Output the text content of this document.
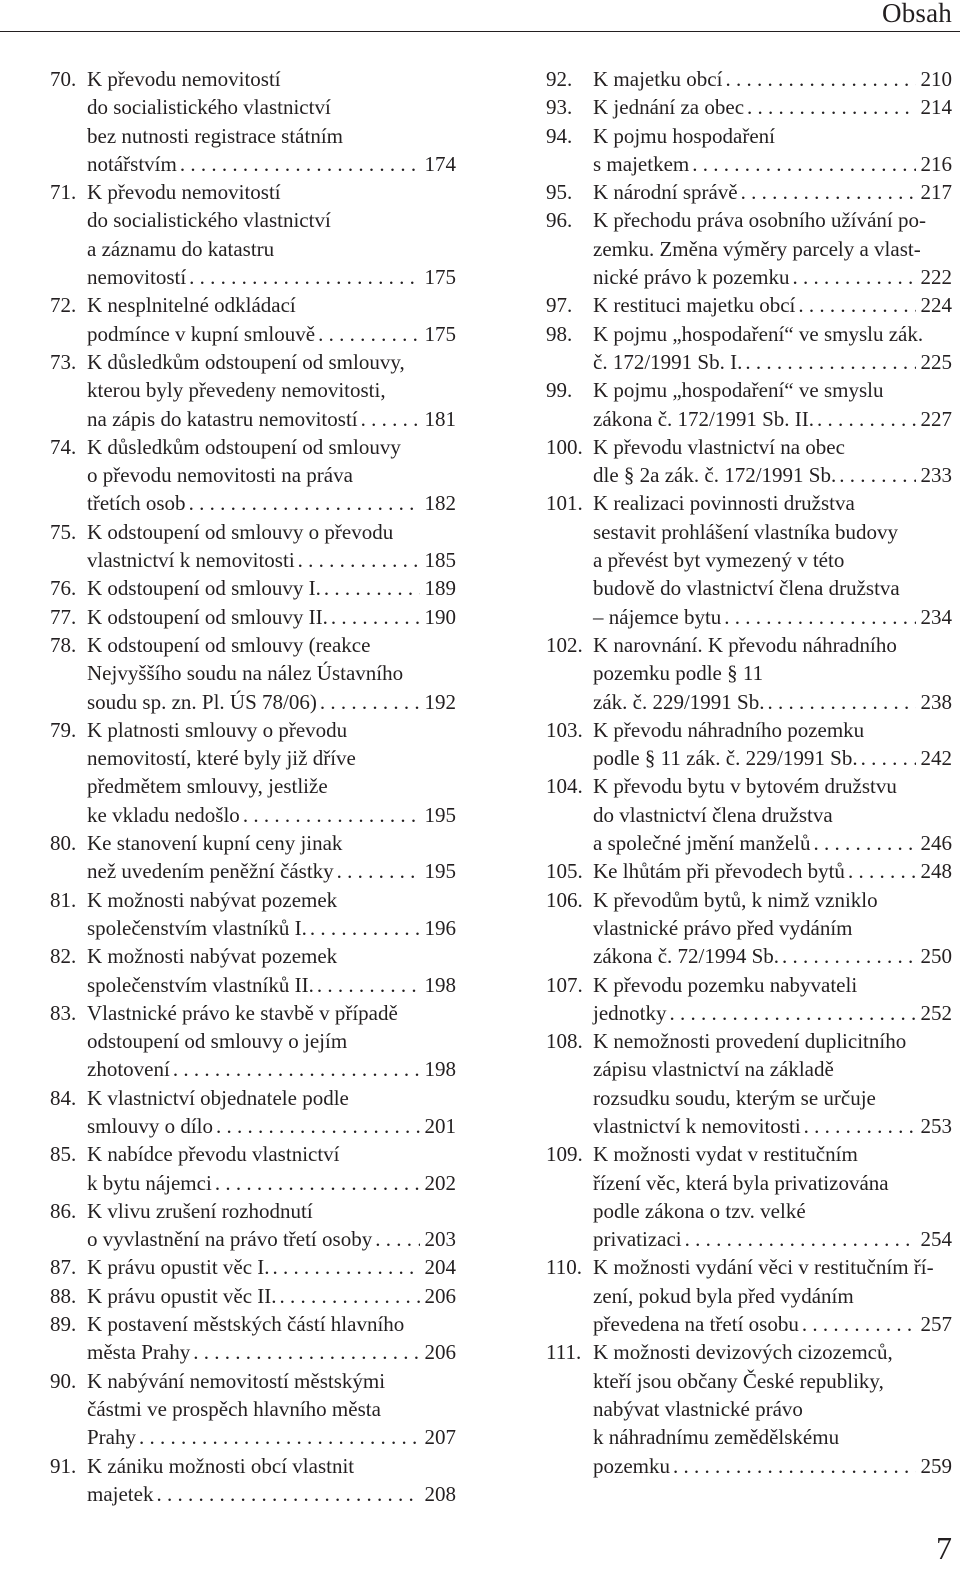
Obsah
70. K převodu nemovitostí
do socialistického vlastnictví
bez nutnosti registrace státním
notářstvím . . .	174
71. K převodu nemovitostí
do socialistického vlastnictví
a záznamu do katastru
nemovitostí . . .	175
72. K nesplnitelné odkládací
podmínce v kupní smlouvě . . .	175
73. K důsledkům odstoupení od smlouvy,
kterou byly převedeny nemovitosti,
na zápis do katastru nemovitostí . . .	181
74. K důsledkům odstoupení od smlouvy
o převodu nemovitosti na práva
třetích osob . . .	182
75. K odstoupení od smlouvy o převodu
vlastnictví k nemovitosti . . .	185
76. K odstoupení od smlouvy I. . . .	189
77. K odstoupení od smlouvy II. . . .	190
78. K odstoupení od smlouvy (reakce
Nejvyššího soudu na nález Ústavního
soudu sp. zn. Pl. ÚS 78/06) . . .	192
79. K platnosti smlouvy o převodu
nemovitostí, které byly již dříve
předmětem smlouvy, jestliže
ke vkladu nedošlo . . .	195
80. Ke stanovení kupní ceny jinak
než uvedením peněžní částky . . .	195
81. K možnosti nabývat pozemek
společenstvím vlastníků I. . . .	196
82. K možnosti nabývat pozemek
společenstvím vlastníků II. . . .	198
83. Vlastnické právo ke stavbě v případě
odstoupení od smlouvy o jejím
zhotovení . . .	198
84. K vlastnictví objednatele podle
smlouvy o dílo . . .	201
85. K nabídce převodu vlastnictví
k bytu nájemci . . .	202
86. K vlivu zrušení rozhodnutí
o vyvlastnění na právo třetí osoby . . . 203
87. K právu opustit věc I. . . .	204
88. K právu opustit věc II. . . .	206
89. K postavení městských částí hlavního
města Prahy . . .	206
90. K nabývání nemovitostí městskými
částmi ve prospěch hlavního města
Prahy . . .	207
91. K zániku možnosti obcí vlastnit
majetek . . .	208
92. K majetku obcí . . .	210
93. K jednání za obec . . .	214
94. K pojmu hospodaření
s majetkem . . .	216
95. K národní správě . . .	217
96. K přechodu práva osobního užívání po-
zemku. Změna výměry parcely a vlast-
nické právo k pozemku . . .	222
97. K restituci majetku obcí . . .	224
98. K pojmu „hospodaření“ ve smyslu zák.
č. 172/1991 Sb. I. . . .	225
99. K pojmu „hospodaření“ ve smyslu
zákona č. 172/1991 Sb. II. . . .	227
100. K převodu vlastnictví na obec
dle § 2a zák. č. 172/1991 Sb. . . .	233
101. K realizaci povinnosti družstva
sestavit prohlášení vlastníka budovy
a převést byt vymezený v této
budově do vlastnictví člena družstva
– nájemce bytu . . .	234
102. K narovnání. K převodu náhradního
pozemku podle § 11
zák. č. 229/1991 Sb. . . .	238
103. K převodu náhradního pozemku
podle § 11 zák. č. 229/1991 Sb. . . .	242
104. K převodu bytu v bytovém družstvu
do vlastnictví člena družstva
a společné jmění manželů . . .	246
105. Ke lhůtám při převodech bytů . . .	248
106. K převodům bytů, k nimž vzniklo
vlastnické právo před vydáním
zákona č. 72/1994 Sb. . . .	250
107. K převodu pozemku nabyvateli
jednotky . . .	252
108. K nemožnosti provedení duplicitního
zápisu vlastnictví na základě
rozsudku soudu, kterým se určuje
vlastnictví k nemovitosti . . .	253
109. K možnosti vydat v restitučním
řízení věc, která byla privatizována
podle zákona o tzv. velké
privatizaci . . .	254
110. K možnosti vydání věci v restitučním ří-
zení, pokud byla před vydáním
převedena na třetí osobu . . .	257
111. K možnosti devizových cizozemců,
kteří jsou občany České republiky,
nabývat vlastnické právo
k náhradnímu zemědělskému
pozemku . . .	259
7
